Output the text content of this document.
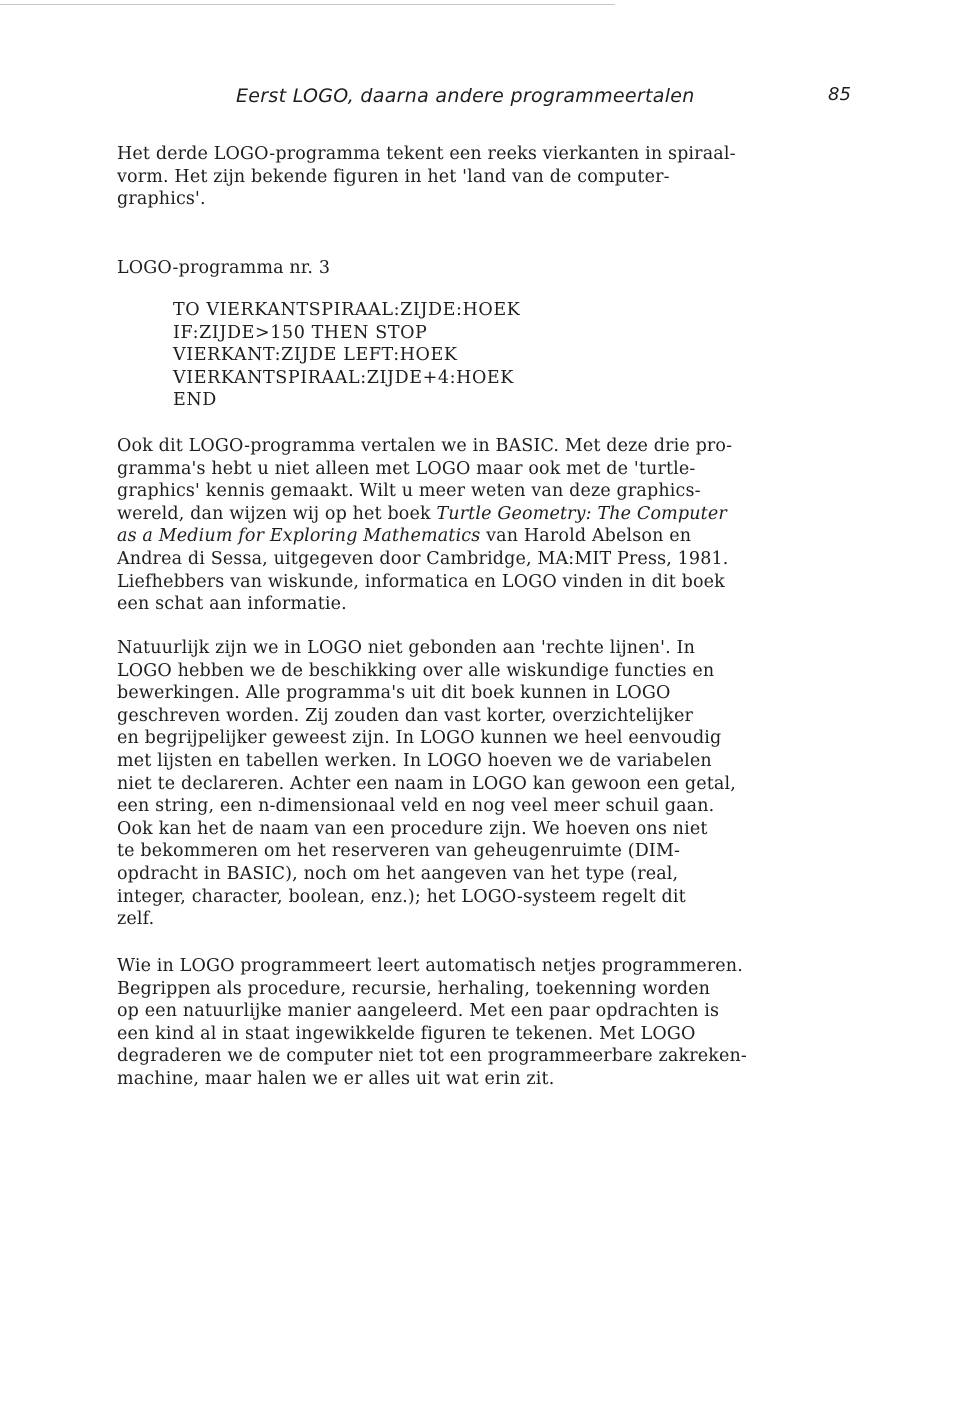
Eerst LOGO, daarna andere programmeertalen	85
Het derde LOGO-programma tekent een reeks vierkanten in spiraal-
vorm. Het zijn bekende figuren in het 'land van de computer-
graphics'.
LOGO-programma nr. 3
TO VIERKANTSPIRAAL:ZIJDE:HOEK
IF:ZIJDE>150 THEN STOP
VIERKANT:ZIJDE LEFT:HOEK
VIERKANTSPIRAAL:ZIJDE+4:HOEK
END
Ook dit LOGO-programma vertalen we in BASIC. Met deze drie pro-
gramma's hebt u niet alleen met LOGO maar ook met de 'turtle-
graphics' kennis gemaakt. Wilt u meer weten van deze graphics-
wereld, dan wijzen wij op het boek Turtle Geometry: The Computer
as a Medium for Exploring Mathematics van Harold Abelson en
Andrea di Sessa, uitgegeven door Cambridge, MA:MIT Press, 1981.
Liefhebbers van wiskunde, informatica en LOGO vinden in dit boek
een schat aan informatie.
Natuurlijk zijn we in LOGO niet gebonden aan 'rechte lijnen'. In
LOGO hebben we de beschikking over alle wiskundige functies en
bewerkingen. Alle programma's uit dit boek kunnen in LOGO
geschreven worden. Zij zouden dan vast korter, overzichtelijker
en begrijpelijker geweest zijn. In LOGO kunnen we heel eenvoudig
met lijsten en tabellen werken. In LOGO hoeven we de variabelen
niet te declareren. Achter een naam in LOGO kan gewoon een getal,
een string, een n-dimensionaal veld en nog veel meer schuil gaan.
Ook kan het de naam van een procedure zijn. We hoeven ons niet
te bekommeren om het reserveren van geheugenruimte (DIM-
opdracht in BASIC), noch om het aangeven van het type (real,
integer, character, boolean, enz.); het LOGO-systeem regelt dit
zelf.
Wie in LOGO programmeert leert automatisch netjes programmeren.
Begrippen als procedure, recursie, herhaling, toekenning worden
op een natuurlijke manier aangeleerd. Met een paar opdrachten is
een kind al in staat ingewikkelde figuren te tekenen. Met LOGO
degraderen we de computer niet tot een programmeerbare zakreken-
machine, maar halen we er alles uit wat erin zit.
